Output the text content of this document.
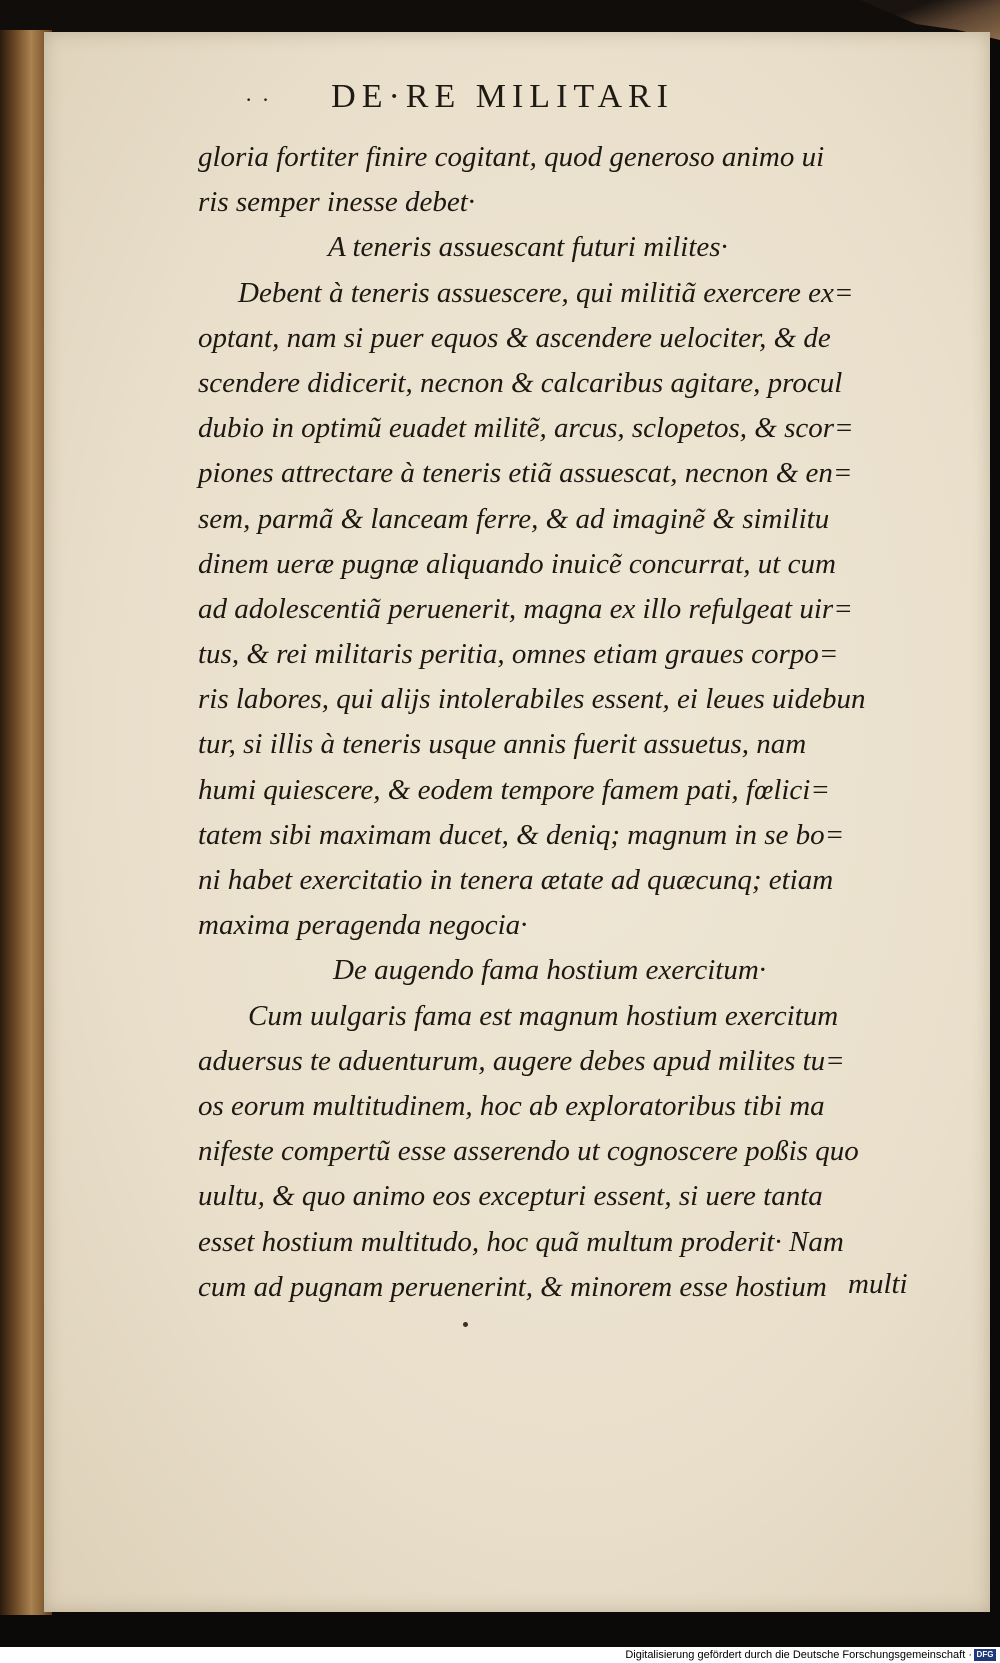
· · DE·RE MILITARI
gloria fortiter finire cogitant, quod generoso animo ui
ris semper inesse debet·
A teneris assuescant futuri milites·
Debent à teneris assuescere, qui militiã exercere ex=
optant, nam si puer equos & ascendere uelociter, & de
scendere didicerit, necnon & calcaribus agitare, procul
dubio in optimũ euadet militẽ, arcus, sclopetos, & scor=
piones attrectare à teneris etiã assuescat, necnon & en=
sem, parmã & lanceam ferre, & ad imaginẽ & similitu
dinem ueræ pugnæ aliquando inuicẽ concurrat, ut cum
ad adolescentiã peruenerit, magna ex illo refulgeat uir=
tus, & rei militaris peritia, omnes etiam graues corpo=
ris labores, qui alijs intolerabiles essent, ei leues uidebun
tur, si illis à teneris usque annis fuerit assuetus, nam
humi quiescere, & eodem tempore famem pati, fœlici=
tatem sibi maximam ducet, & deniq; magnum in se bo=
ni habet exercitatio in tenera ætate ad quæcunq; etiam
maxima peragenda negocia·
De augendo fama hostium exercitum·
Cum uulgaris fama est magnum hostium exercitum
aduersus te aduenturum, augere debes apud milites tu=
os eorum multitudinem, hoc ab exploratoribus tibi ma
nifeste compertũ esse asserendo ut cognoscere poßis quo
uultu, & quo animo eos excepturi essent, si uere tanta
esset hostium multitudo, hoc quã multum proderit· Nam
cum ad pugnam peruenerint, & minorem esse hostium multi
Digitalisierung gefördert durch die Deutsche Forschungsgemeinschaft · DFG
